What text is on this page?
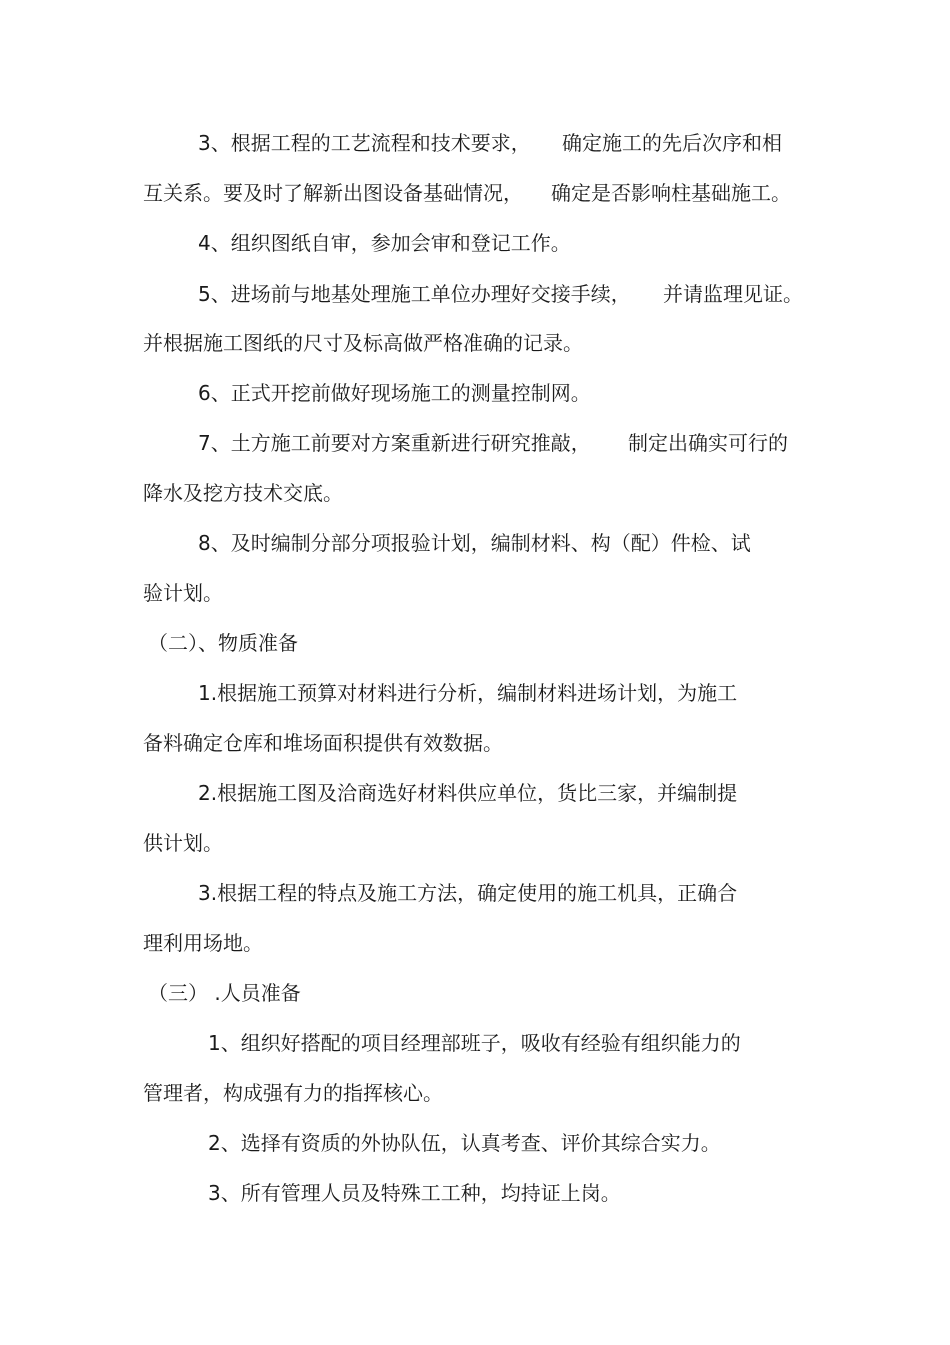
3、根据工程的工艺流程和技术要求， 确定施工的先后次序和相

互关系。要及时了解新出图设备基础情况， 确定是否影响柱基础施工。

4、组织图纸自审，参加会审和登记工作。

5、进场前与地基处理施工单位办理好交接手续， 并请监理见证。

并根据施工图纸的尺寸及标高做严格准确的记录。

6、正式开挖前做好现场施工的测量控制网。

7、土方施工前要对方案重新进行研究推敲， 制定出确实可行的

降水及挖方技术交底。

8、及时编制分部分项报验计划，编制材料、构（配）件检、试

验计划。

（二）、物质准备

1.根据施工预算对材料进行分析，编制材料进场计划，为施工

备料确定仓库和堆场面积提供有效数据。

2.根据施工图及洽商选好材料供应单位，货比三家，并编制提

供计划。

3.根据工程的特点及施工方法，确定使用的施工机具，正确合

理利用场地。

（三） .人员准备

1、组织好搭配的项目经理部班子，吸收有经验有组织能力的

管理者，构成强有力的指挥核心。

2、选择有资质的外协队伍，认真考查、评价其综合实力。

3、所有管理人员及特殊工工种，均持证上岗。
